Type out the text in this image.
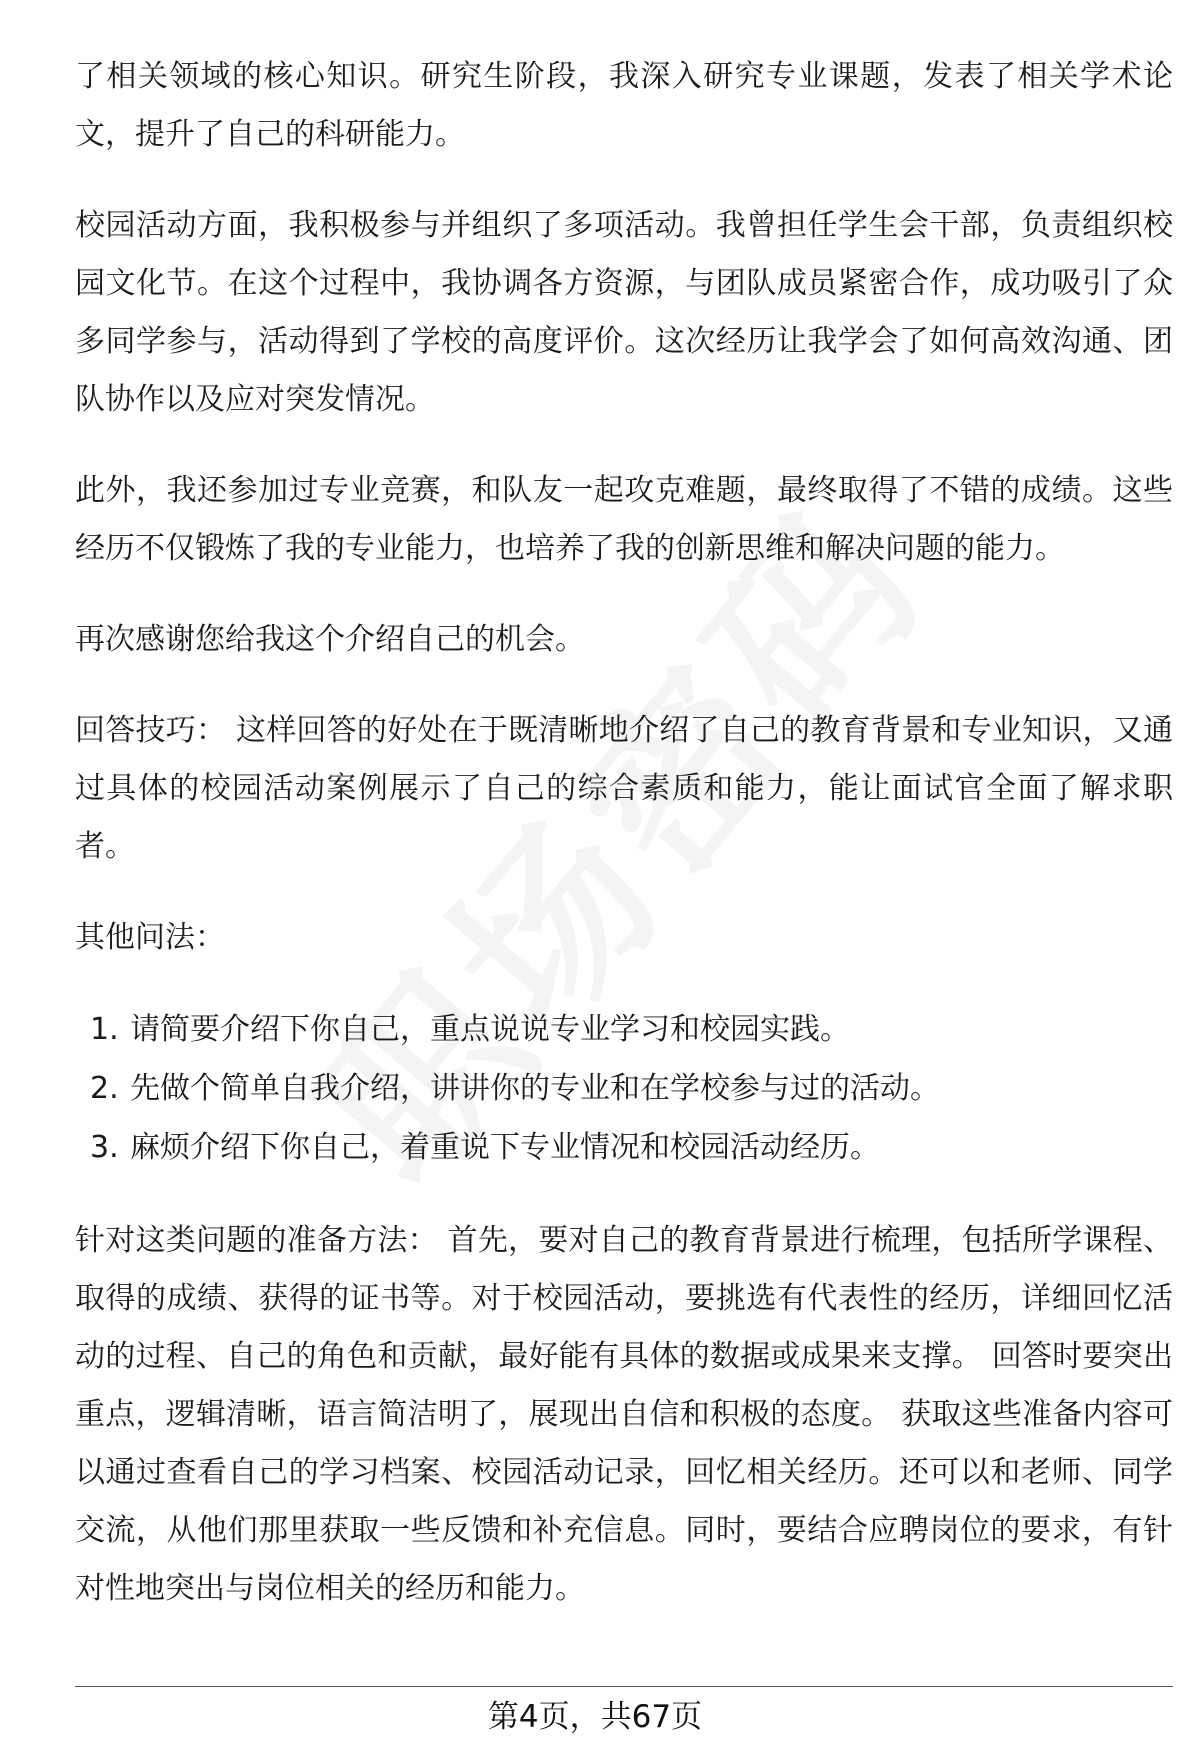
了相关领域的核心知识。研究生阶段，我深入研究专业课题，发表了相关学术论文，提升了自己的科研能力。

校园活动方面，我积极参与并组织了多项活动。我曾担任学生会干部，负责组织校园文化节。在这个过程中，我协调各方资源，与团队成员紧密合作，成功吸引了众多同学参与，活动得到了学校的高度评价。这次经历让我学会了如何高效沟通、团队协作以及应对突发情况。

此外，我还参加过专业竞赛，和队友一起攻克难题，最终取得了不错的成绩。这些经历不仅锻炼了我的专业能力，也培养了我的创新思维和解决问题的能力。

再次感谢您给我这个介绍自己的机会。

回答技巧： 这样回答的好处在于既清晰地介绍了自己的教育背景和专业知识，又通过具体的校园活动案例展示了自己的综合素质和能力，能让面试官全面了解求职者。

其他问法：

1. 请简要介绍下你自己，重点说说专业学习和校园实践。
2. 先做个简单自我介绍，讲讲你的专业和在学校参与过的活动。
3. 麻烦介绍下你自己，着重说下专业情况和校园活动经历。

针对这类问题的准备方法： 首先，要对自己的教育背景进行梳理，包括所学课程、取得的成绩、获得的证书等。对于校园活动，要挑选有代表性的经历，详细回忆活动的过程、自己的角色和贡献，最好能有具体的数据或成果来支撑。 回答时要突出重点，逻辑清晰，语言简洁明了，展现出自信和积极的态度。 获取这些准备内容可以通过查看自己的学习档案、校园活动记录，回忆相关经历。还可以和老师、同学交流，从他们那里获取一些反馈和补充信息。同时，要结合应聘岗位的要求，有针对性地突出与岗位相关的经历和能力。

第4页，共67页
